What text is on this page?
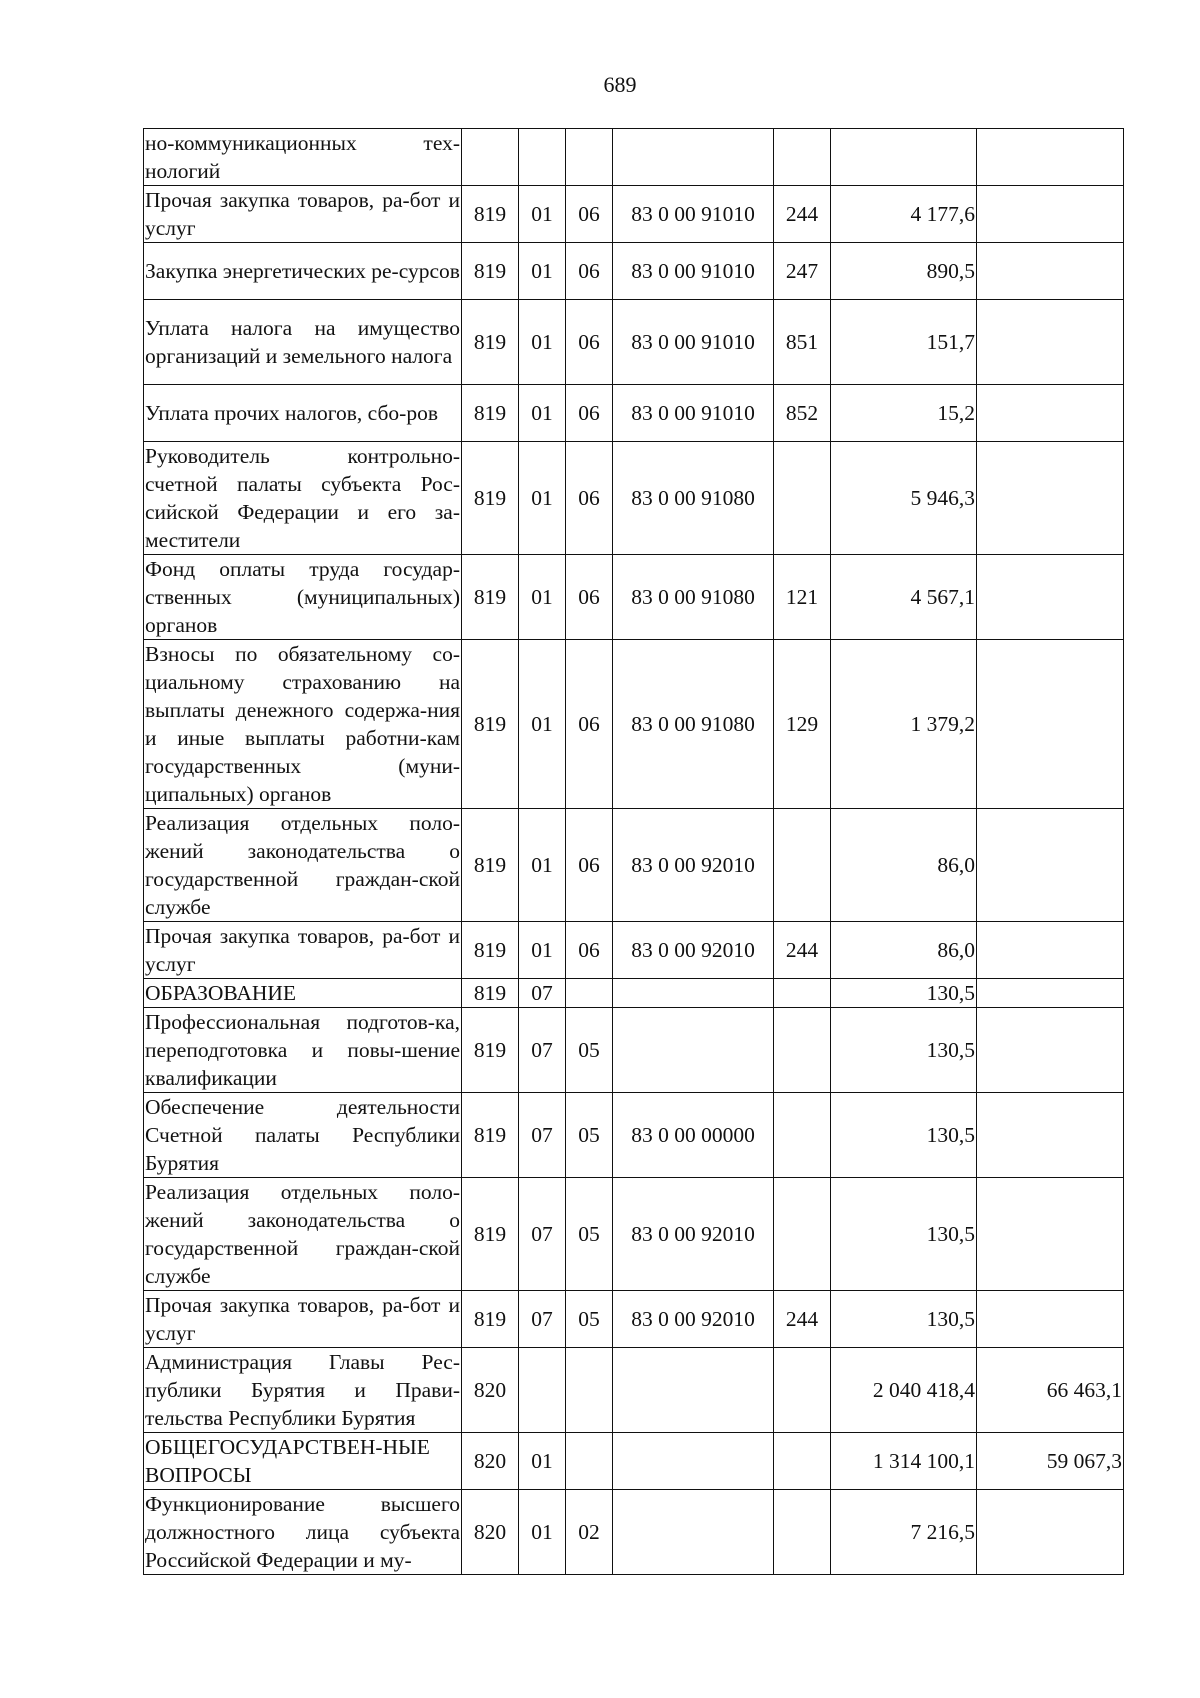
689
но-коммуникационных тех-нологий							
Прочая закупка товаров, ра-бот и услуг	819	01	06	83 0 00 91010	244	4 177,6	
Закупка энергетических ре-сурсов	819	01	06	83 0 00 91010	247	890,5	
Уплата налога на имущество организаций и земельного налога	819	01	06	83 0 00 91010	851	151,7	
Уплата прочих налогов, сбо-ров	819	01	06	83 0 00 91010	852	15,2	
Руководитель контрольно-счетной палаты субъекта Рос-сийской Федерации и его за-местители	819	01	06	83 0 00 91080		5 946,3	
Фонд оплаты труда государ-ственных (муниципальных) органов	819	01	06	83 0 00 91080	121	4 567,1	
Взносы по обязательному со-циальному страхованию на выплаты денежного содержа-ния и иные выплаты работни-кам государственных (муни-ципальных) органов	819	01	06	83 0 00 91080	129	1 379,2	
Реализация отдельных поло-жений законодательства о государственной граждан-ской службе	819	01	06	83 0 00 92010		86,0	
Прочая закупка товаров, ра-бот и услуг	819	01	06	83 0 00 92010	244	86,0	
ОБРАЗОВАНИЕ	819	07				130,5	
Профессиональная подготов-ка, переподготовка и повы-шение квалификации	819	07	05			130,5	
Обеспечение деятельности Счетной палаты Республики Бурятия	819	07	05	83 0 00 00000		130,5	
Реализация отдельных поло-жений законодательства о государственной граждан-ской службе	819	07	05	83 0 00 92010		130,5	
Прочая закупка товаров, ра-бот и услуг	819	07	05	83 0 00 92010	244	130,5	
Администрация Главы Рес-публики Бурятия и Прави-тельства Республики Бурятия	820					2 040 418,4	66 463,1
ОБЩЕГОСУДАРСТВЕН-НЫЕ ВОПРОСЫ	820	01				1 314 100,1	59 067,3
Функционирование высшего должностного лица субъекта Российской Федерации и му-	820	01	02			7 216,5	
